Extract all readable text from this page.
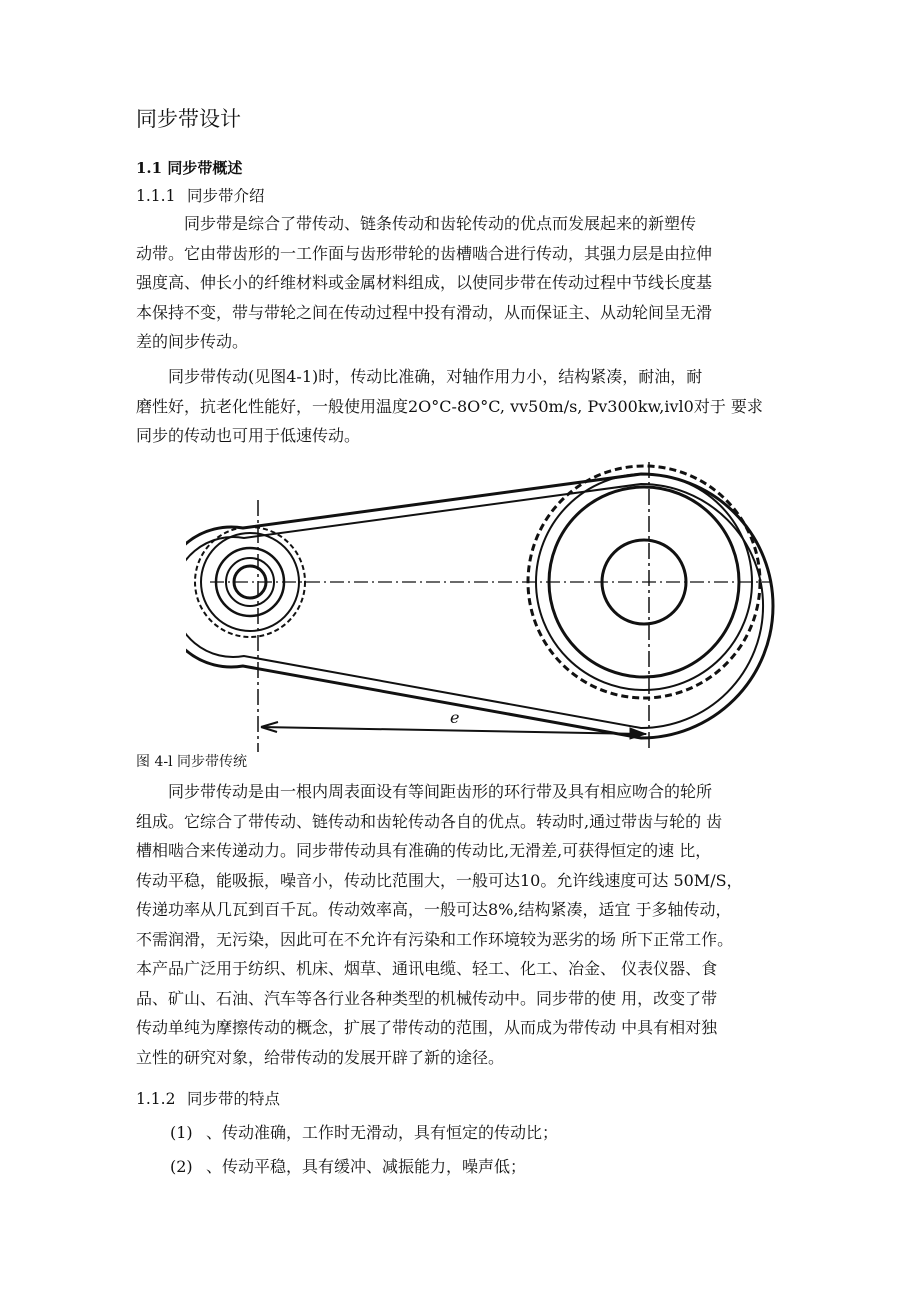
同步带设计
1.1 同步带概述
1.1.1 同步带介绍

　　　同步带是综合了带传动、链条传动和齿轮传动的优点而发展起来的新塑传

动带。它由带齿形的一工作面与齿形带轮的齿槽啮合进行传动，其强力层是由拉伸

强度高、伸长小的纤维材料或金属材料组成，以使同步带在传动过程中节线长度基

本保持不变，带与带轮之间在传动过程中投有滑动，从而保证主、从动轮间呈无滑

差的间步传动。

　　同步带传动(见图4-1)时，传动比准确，对轴作用力小，结构紧凑，耐油，耐

磨性好，抗老化性能好，一般使用温度2O°C-8O°C, vv50m/s, Pv300kw,ivl0对于 要求

同步的传动也可用于低速传动。

e
图 4-l 同步带传统

　　同步带传动是由一根内周表面设有等间距齿形的环行带及具有相应吻合的轮所

组成。它综合了带传动、链传动和齿轮传动各自的优点。转动时,通过带齿与轮的 齿

槽相啮合来传递动力。同步带传动具有准确的传动比,无滑差,可获得恒定的速 比，

传动平稳，能吸振，噪音小，传动比范围大，一般可达10。允许线速度可达 50M/S，

传递功率从几瓦到百千瓦。传动效率高，一般可达8%,结构紧凑，适宜 于多轴传动，

不需润滑，无污染，因此可在不允许有污染和工作环境较为恶劣的场 所下正常工作。

本产品广泛用于纺织、机床、烟草、通讯电缆、轻工、化工、冶金、 仪表仪器、食

品、矿山、石油、汽车等各行业各种类型的机械传动中。同步带的使 用，改变了带

传动单纯为摩擦传动的概念，扩展了带传动的范围，从而成为带传动 中具有相对独

立性的研究对象，给带传动的发展开辟了新的途径。

1.1.2 同步带的特点
(1) 、传动准确，工作时无滑动，具有恒定的传动比；
(2) 、传动平稳，具有缓冲、减振能力，噪声低；
